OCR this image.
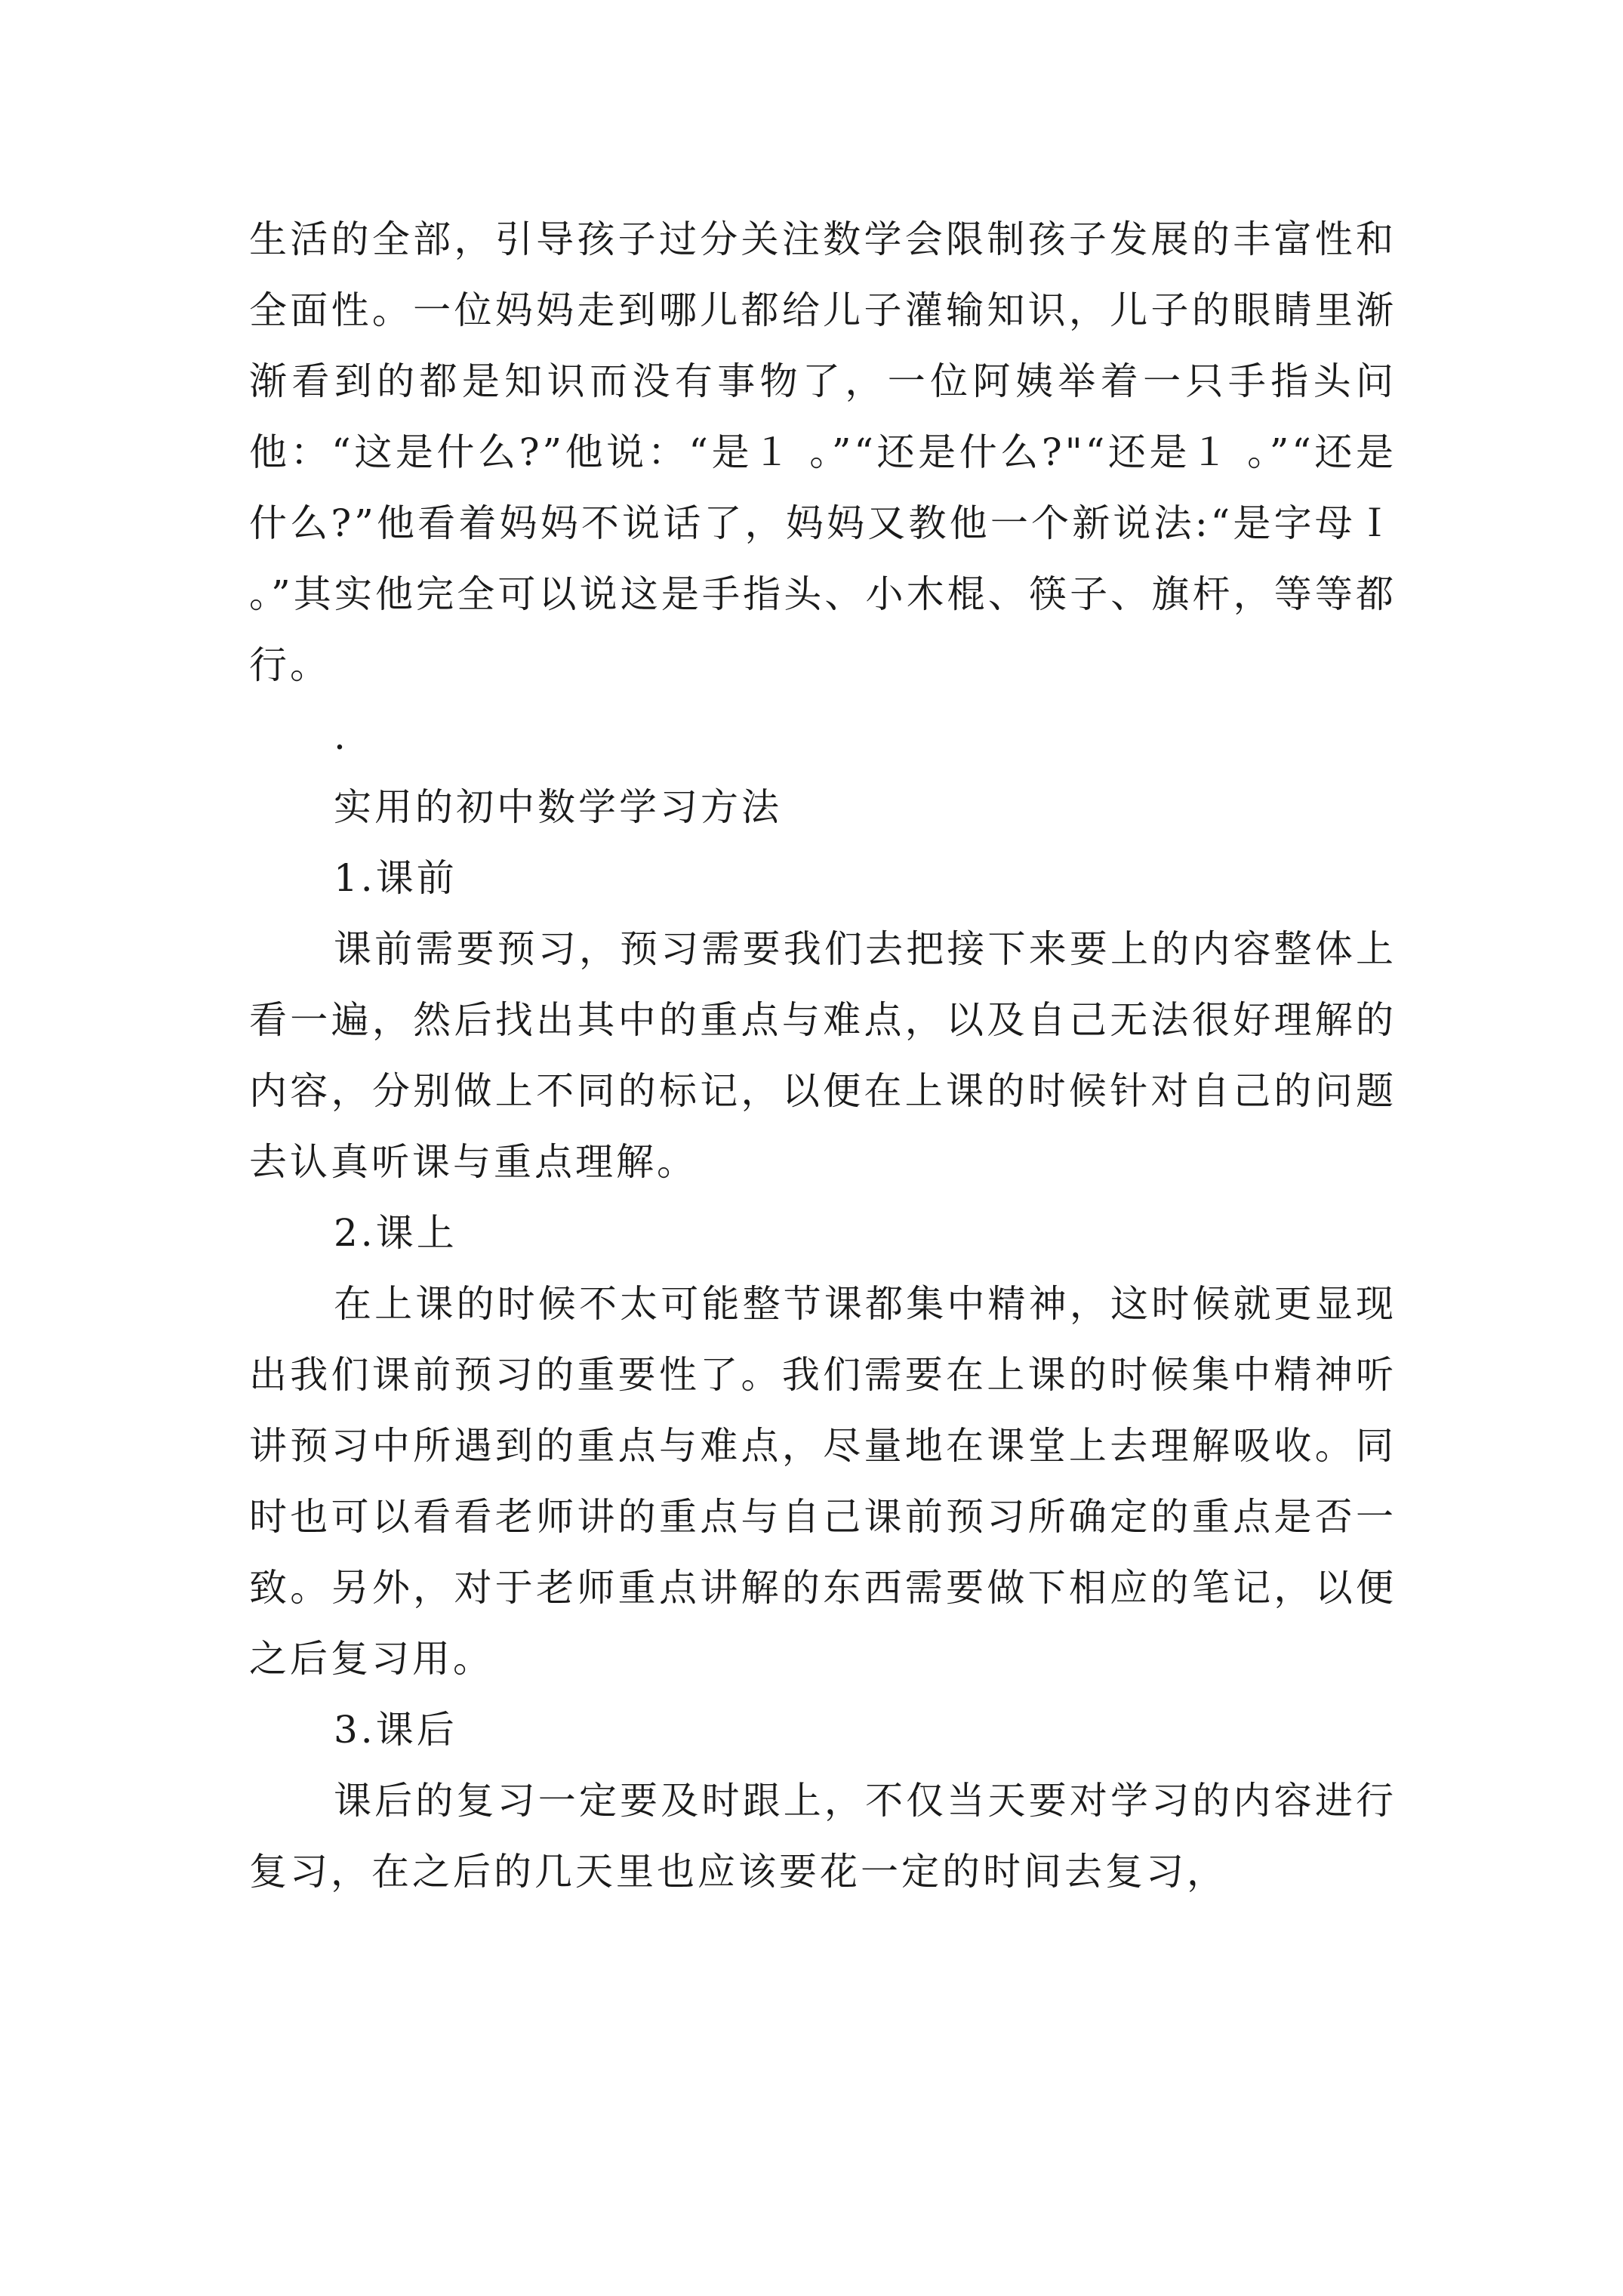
生活的全部，引导孩子过分关注数学会限制孩子发展的丰富性和全面性。一位妈妈走到哪儿都给儿子灌输知识，儿子的眼睛里渐渐看到的都是知识而没有事物了，一位阿姨举着一只手指头问他：“这是什么?”他说：“是１ 。”“还是什么?"“还是１ 。”“还是什么?”他看着妈妈不说话了，妈妈又教他一个新说法:“是字母Ｉ 。”其实他完全可以说这是手指头、小木棍、筷子、旗杆，等等都行。

.

实用的初中数学学习方法

1.课前

课前需要预习，预习需要我们去把接下来要上的内容整体上看一遍，然后找出其中的重点与难点，以及自己无法很好理解的内容，分别做上不同的标记，以便在上课的时候针对自己的问题去认真听课与重点理解。

2.课上

在上课的时候不太可能整节课都集中精神，这时候就更显现出我们课前预习的重要性了。我们需要在上课的时候集中精神听讲预习中所遇到的重点与难点，尽量地在课堂上去理解吸收。同时也可以看看老师讲的重点与自己课前预习所确定的重点是否一致。另外，对于老师重点讲解的东西需要做下相应的笔记，以便之后复习用。

3.课后

课后的复习一定要及时跟上，不仅当天要对学习的内容进行复习，在之后的几天里也应该要花一定的时间去复习，
